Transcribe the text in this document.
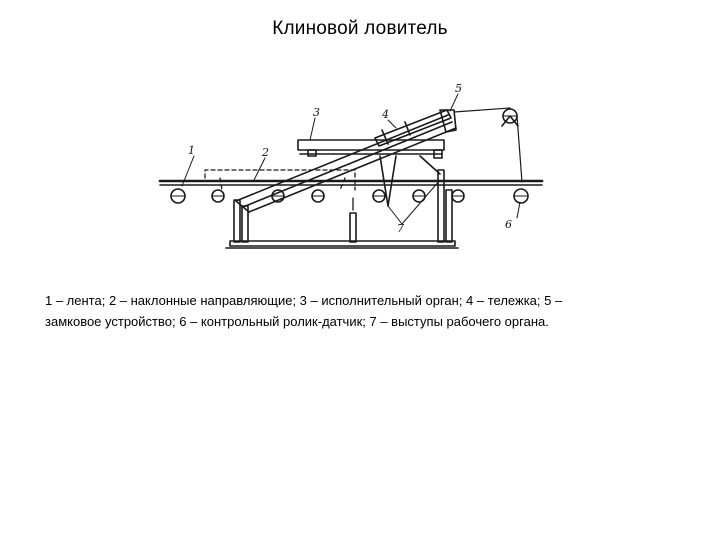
Клиновой ловитель
1	2
3	4
5
6
7

1 – лента; 2 – наклонные направляющие; 3 – исполнительный орган; 4 – тележка; 5 –

замковое устройство; 6 – контрольный ролик-датчик; 7 – выступы рабочего органа.
